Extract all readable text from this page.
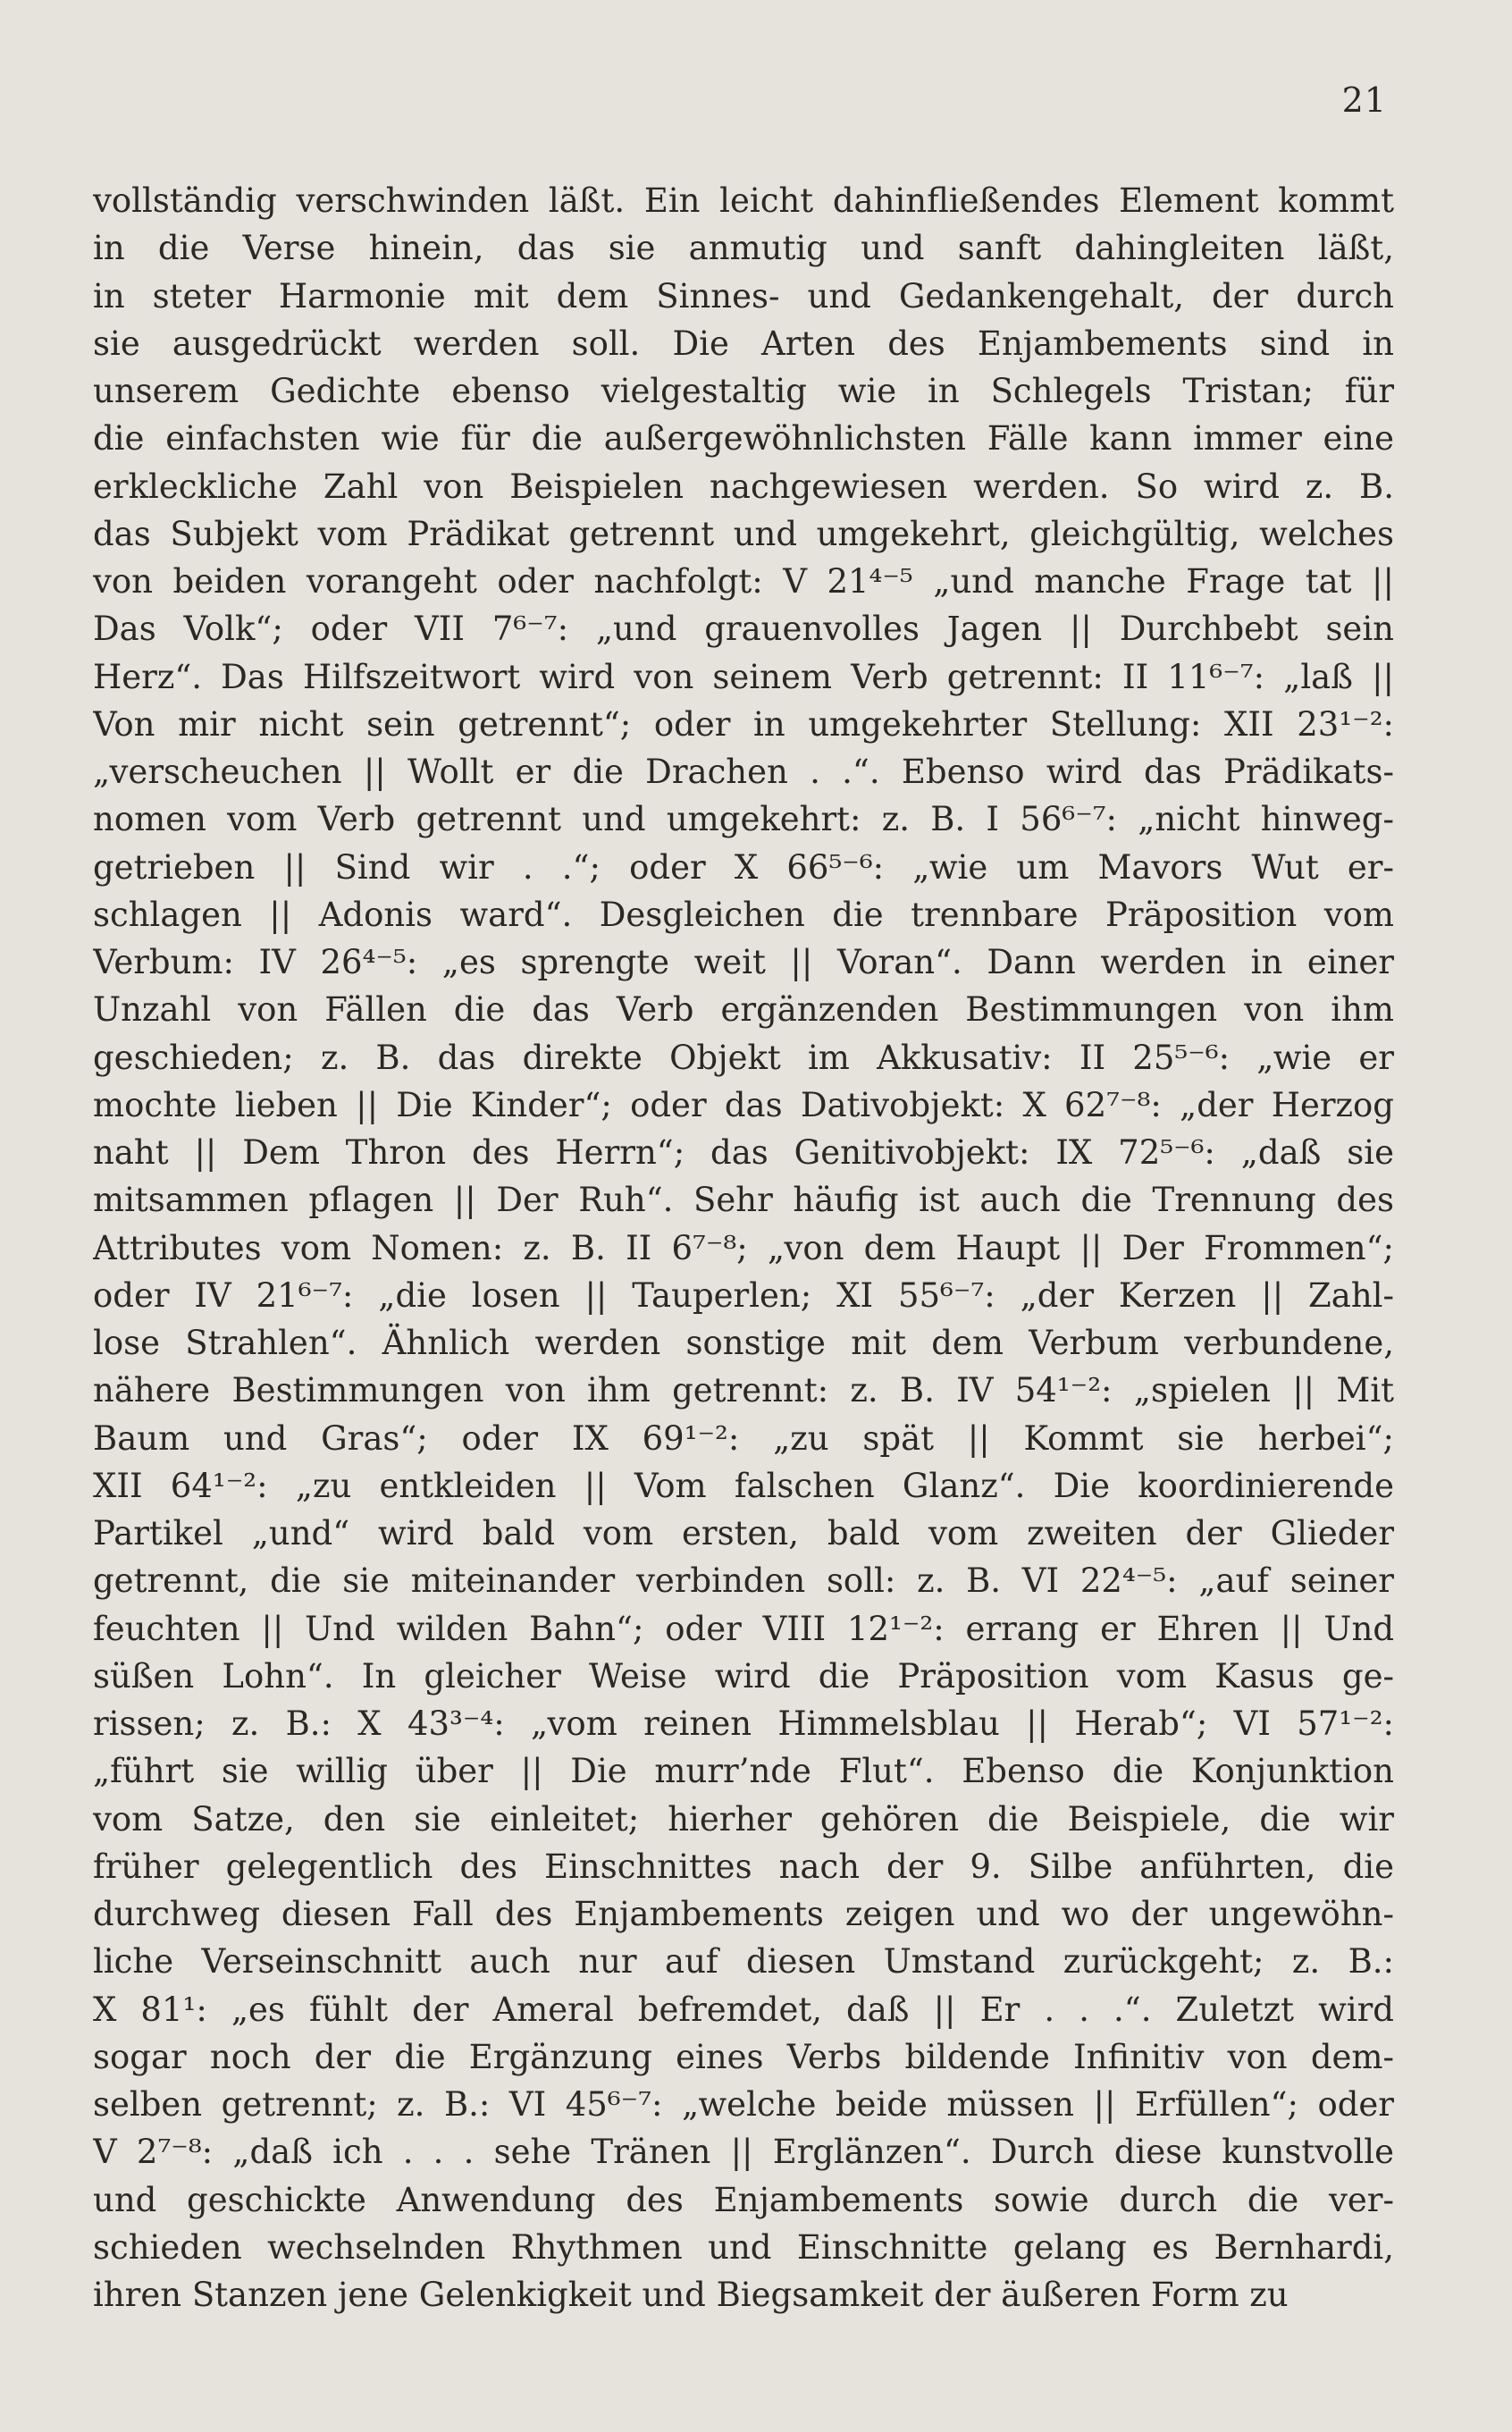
21
vollständig verschwinden läßt. Ein leicht dahinfließendes Element kommt
in die Verse hinein, das sie anmutig und sanft dahingleiten läßt,
in steter Harmonie mit dem Sinnes- und Gedankengehalt, der durch
sie ausgedrückt werden soll. Die Arten des Enjambements sind in
unserem Gedichte ebenso vielgestaltig wie in Schlegels Tristan; für
die einfachsten wie für die außergewöhnlichsten Fälle kann immer eine
erkleckliche Zahl von Beispielen nachgewiesen werden. So wird z. B.
das Subjekt vom Prädikat getrennt und umgekehrt, gleichgültig, welches
von beiden vorangeht oder nachfolgt: V 21⁴⁻⁵ „und manche Frage tat ||
Das Volk“; oder VII 7⁶⁻⁷: „und grauenvolles Jagen || Durchbebt sein
Herz“. Das Hilfszeitwort wird von seinem Verb getrennt: II 11⁶⁻⁷: „laß ||
Von mir nicht sein getrennt“; oder in umgekehrter Stellung: XII 23¹⁻²:
„verscheuchen || Wollt er die Drachen . .“. Ebenso wird das Prädikats-
nomen vom Verb getrennt und umgekehrt: z. B. I 56⁶⁻⁷: „nicht hinweg-
getrieben || Sind wir . .“; oder X 66⁵⁻⁶: „wie um Mavors Wut er-
schlagen || Adonis ward“. Desgleichen die trennbare Präposition vom
Verbum: IV 26⁴⁻⁵: „es sprengte weit || Voran“. Dann werden in einer
Unzahl von Fällen die das Verb ergänzenden Bestimmungen von ihm
geschieden; z. B. das direkte Objekt im Akkusativ: II 25⁵⁻⁶: „wie er
mochte lieben || Die Kinder“; oder das Dativobjekt: X 62⁷⁻⁸: „der Herzog
naht || Dem Thron des Herrn“; das Genitivobjekt: IX 72⁵⁻⁶: „daß sie
mitsammen pflagen || Der Ruh“. Sehr häufig ist auch die Trennung des
Attributes vom Nomen: z. B. II 6⁷⁻⁸; „von dem Haupt || Der Frommen“;
oder IV 21⁶⁻⁷: „die losen || Tauperlen; XI 55⁶⁻⁷: „der Kerzen || Zahl-
lose Strahlen“. Ähnlich werden sonstige mit dem Verbum verbundene,
nähere Bestimmungen von ihm getrennt: z. B. IV 54¹⁻²: „spielen || Mit
Baum und Gras“; oder IX 69¹⁻²: „zu spät || Kommt sie herbei“;
XII 64¹⁻²: „zu entkleiden || Vom falschen Glanz“. Die koordinierende
Partikel „und“ wird bald vom ersten, bald vom zweiten der Glieder
getrennt, die sie miteinander verbinden soll: z. B. VI 22⁴⁻⁵: „auf seiner
feuchten || Und wilden Bahn“; oder VIII 12¹⁻²: errang er Ehren || Und
süßen Lohn“. In gleicher Weise wird die Präposition vom Kasus ge-
rissen; z. B.: X 43³⁻⁴: „vom reinen Himmelsblau || Herab“; VI 57¹⁻²:
„führt sie willig über || Die murr’nde Flut“. Ebenso die Konjunktion
vom Satze, den sie einleitet; hierher gehören die Beispiele, die wir
früher gelegentlich des Einschnittes nach der 9. Silbe anführten, die
durchweg diesen Fall des Enjambements zeigen und wo der ungewöhn-
liche Verseinschnitt auch nur auf diesen Umstand zurückgeht; z. B.:
X 81¹: „es fühlt der Ameral befremdet, daß || Er . . .“. Zuletzt wird
sogar noch der die Ergänzung eines Verbs bildende Infinitiv von dem-
selben getrennt; z. B.: VI 45⁶⁻⁷: „welche beide müssen || Erfüllen“; oder
V 2⁷⁻⁸: „daß ich . . . sehe Tränen || Erglänzen“. Durch diese kunstvolle
und geschickte Anwendung des Enjambements sowie durch die ver-
schieden wechselnden Rhythmen und Einschnitte gelang es Bernhardi,
ihren Stanzen jene Gelenkigkeit und Biegsamkeit der äußeren Form zu
